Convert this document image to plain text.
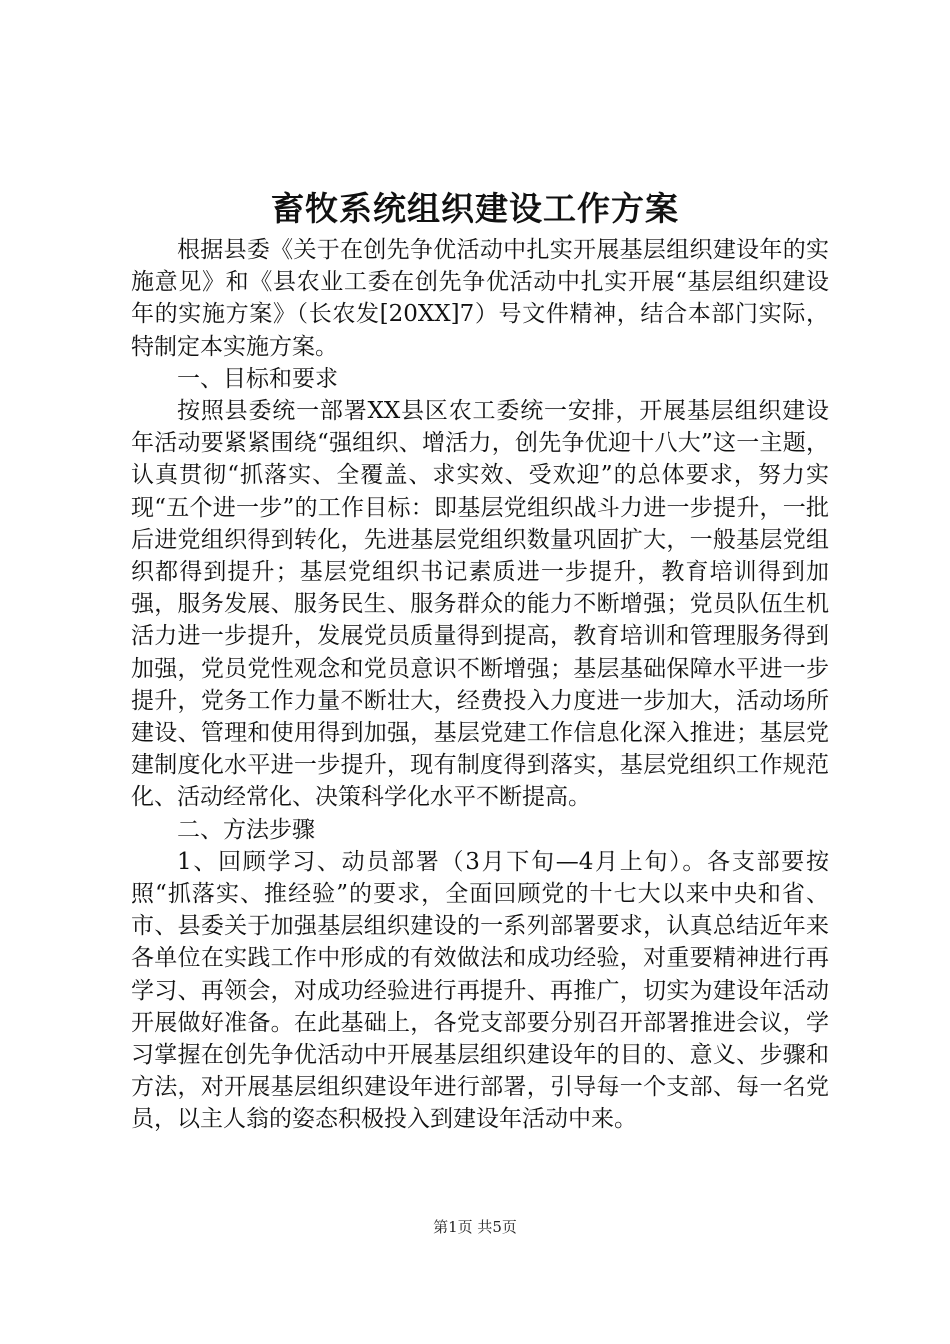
畜牧系统组织建设工作方案

根据县委《关于在创先争优活动中扎实开展基层组织建设年的实施意见》和《县农业工委在创先争优活动中扎实开展“基层组织建设年的实施方案》（长农发[20XX]7）号文件精神，结合本部门实际，特制定本实施方案。

一、目标和要求

按照县委统一部署XX县区农工委统一安排，开展基层组织建设年活动要紧紧围绕“强组织、增活力，创先争优迎十八大”这一主题，认真贯彻“抓落实、全覆盖、求实效、受欢迎”的总体要求，努力实现“五个进一步”的工作目标：即基层党组织战斗力进一步提升，一批后进党组织得到转化，先进基层党组织数量巩固扩大，一般基层党组织都得到提升；基层党组织书记素质进一步提升，教育培训得到加强，服务发展、服务民生、服务群众的能力不断增强；党员队伍生机活力进一步提升，发展党员质量得到提高，教育培训和管理服务得到加强，党员党性观念和党员意识不断增强；基层基础保障水平进一步提升，党务工作力量不断壮大，经费投入力度进一步加大，活动场所建设、管理和使用得到加强，基层党建工作信息化深入推进；基层党建制度化水平进一步提升，现有制度得到落实，基层党组织工作规范化、活动经常化、决策科学化水平不断提高。

二、方法步骤

1、回顾学习、动员部署（3月下旬—4月上旬）。各支部要按照“抓落实、推经验”的要求，全面回顾党的十七大以来中央和省、市、县委关于加强基层组织建设的一系列部署要求，认真总结近年来各单位在实践工作中形成的有效做法和成功经验，对重要精神进行再学习、再领会，对成功经验进行再提升、再推广，切实为建设年活动开展做好准备。在此基础上，各党支部要分别召开部署推进会议，学习掌握在创先争优活动中开展基层组织建设年的目的、意义、步骤和方法，对开展基层组织建设年进行部署，引导每一个支部、每一名党员，以主人翁的姿态积极投入到建设年活动中来。

第1页 共5页
